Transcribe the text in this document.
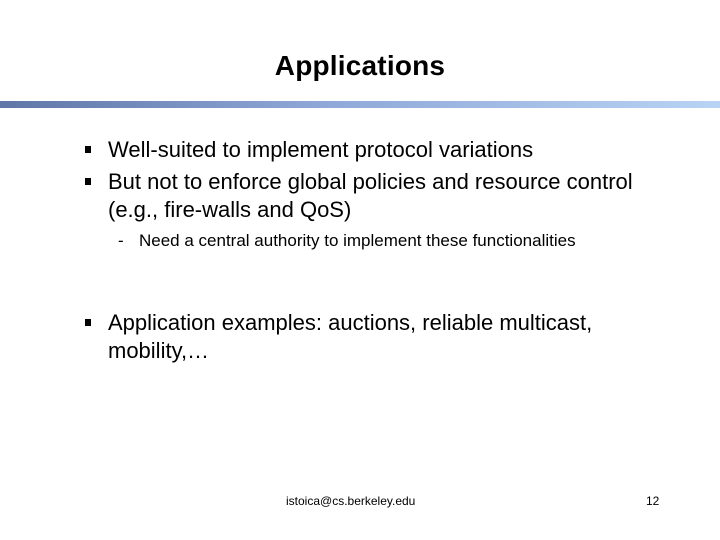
Applications
Well-suited to implement protocol variations
But not to enforce global policies and resource control (e.g., fire-walls and QoS)
- Need a central authority to implement these functionalities
Application examples: auctions, reliable multicast, mobility,…
istoica@cs.berkeley.edu	12
